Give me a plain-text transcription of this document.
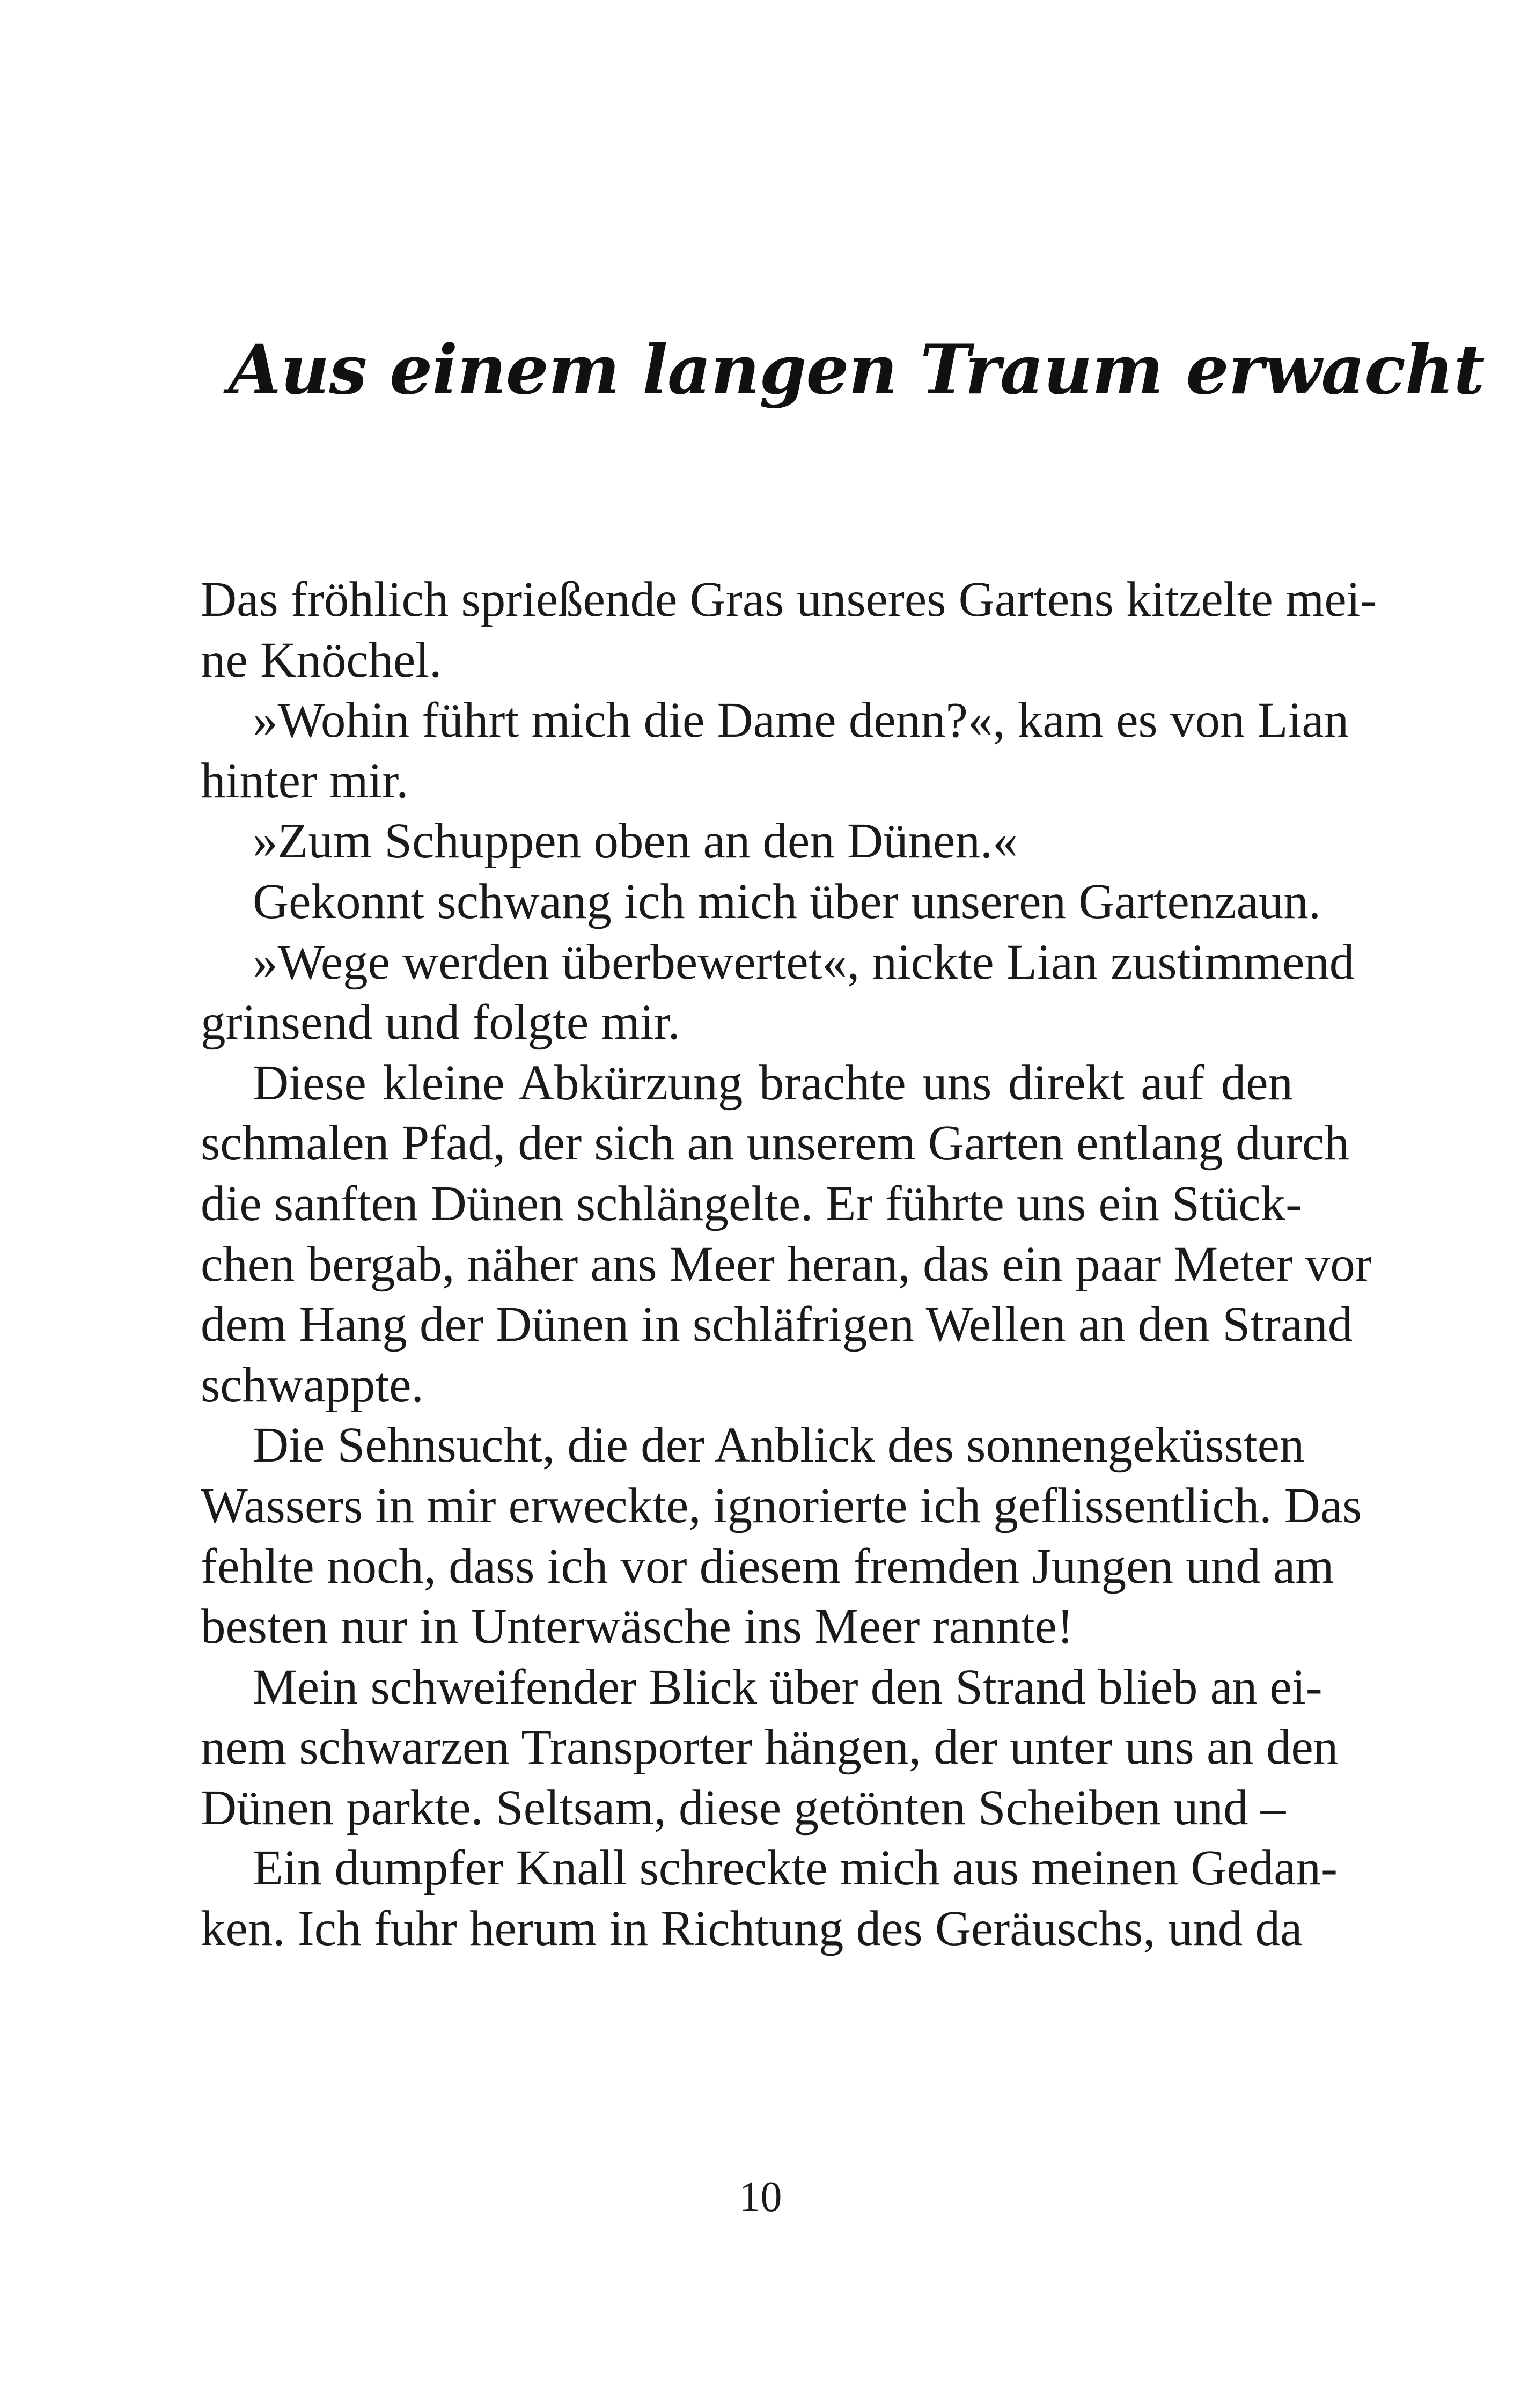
Aus einem langen Traum erwacht
Das fröhlich sprießende Gras unseres Gartens kitzelte mei-
ne Knöchel.
»Wohin führt mich die Dame denn?«, kam es von Lian
hinter mir.
»Zum Schuppen oben an den Dünen.«
Gekonnt schwang ich mich über unseren Gartenzaun.
»Wege werden überbewertet«, nickte Lian zustimmend
grinsend und folgte mir.
Diese kleine Abkürzung brachte uns direkt auf den
schmalen Pfad, der sich an unserem Garten entlang durch
die sanften Dünen schlängelte. Er führte uns ein Stück-
chen bergab, näher ans Meer heran, das ein paar Meter vor
dem Hang der Dünen in schläfrigen Wellen an den Strand
schwappte.
Die Sehnsucht, die der Anblick des sonnengeküssten
Wassers in mir erweckte, ignorierte ich geflissentlich. Das
fehlte noch, dass ich vor diesem fremden Jungen und am
besten nur in Unterwäsche ins Meer rannte!
Mein schweifender Blick über den Strand blieb an ei-
nem schwarzen Transporter hängen, der unter uns an den
Dünen parkte. Seltsam, diese getönten Scheiben und –
Ein dumpfer Knall schreckte mich aus meinen Gedan-
ken. Ich fuhr herum in Richtung des Geräuschs, und da
10
